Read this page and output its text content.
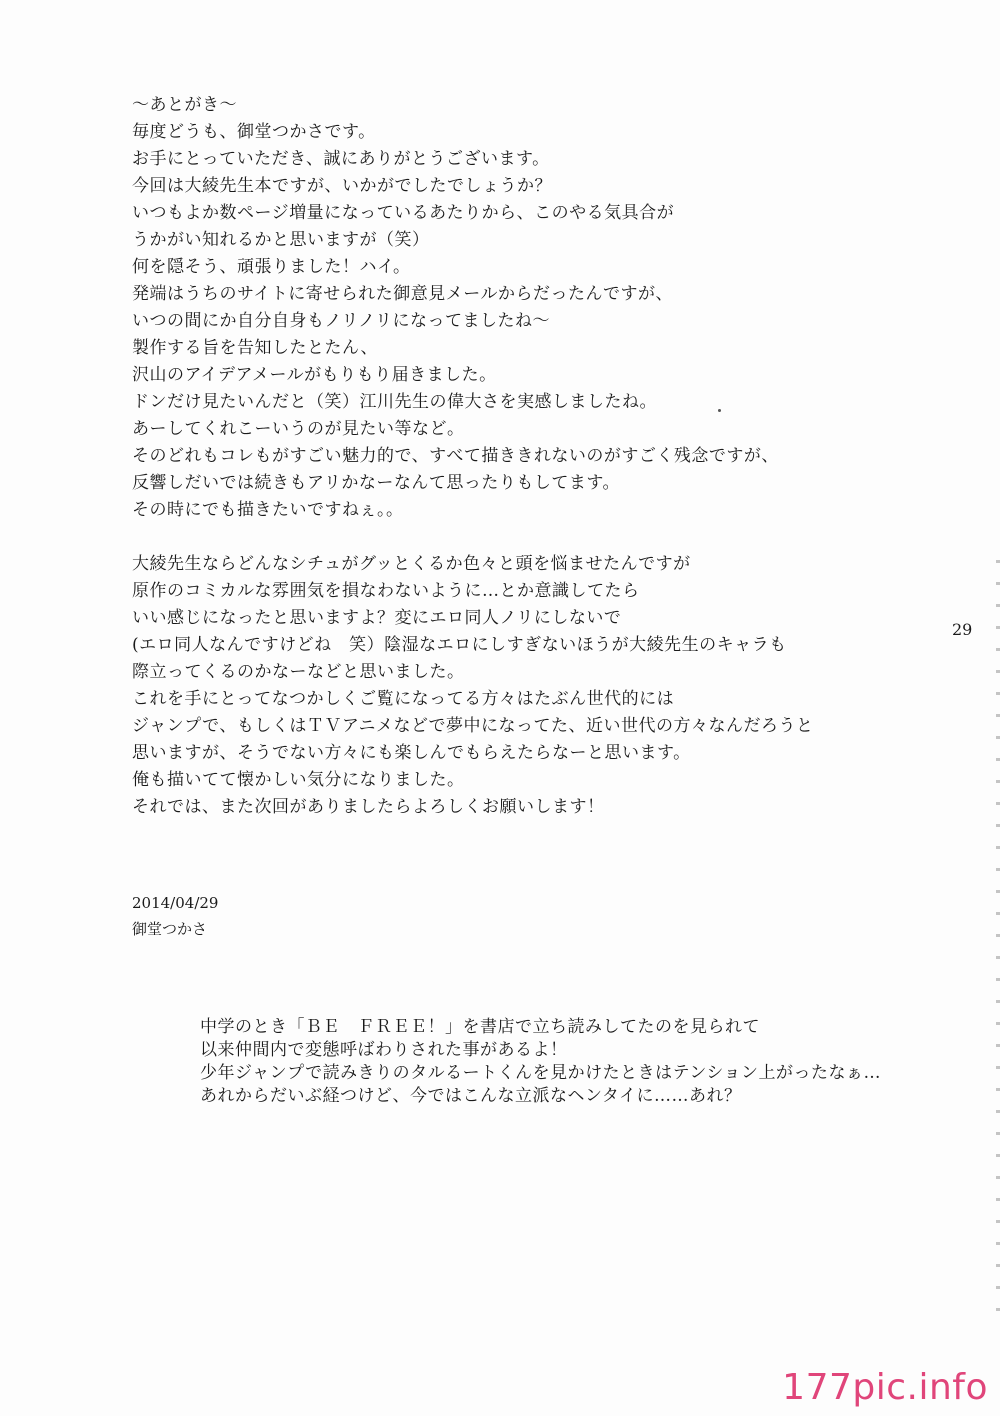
〜あとがき〜
毎度どうも、御堂つかさです。
お手にとっていただき、誠にありがとうございます。
今回は大綾先生本ですが、いかがでしたでしょうか？
いつもよか数ページ増量になっているあたりから、このやる気具合が
うかがい知れるかと思いますが（笑）
何を隠そう、頑張りました！ハイ。
発端はうちのサイトに寄せられた御意見メールからだったんですが、
いつの間にか自分自身もノリノリになってましたね〜
製作する旨を告知したとたん、
沢山のアイデアメールがもりもり届きました。
ドンだけ見たいんだと（笑）江川先生の偉大さを実感しましたね。
あーしてくれこーいうのが見たい等など。
そのどれもコレもがすごい魅力的で、すべて描ききれないのがすごく残念ですが、
反響しだいでは続きもアリかなーなんて思ったりもしてます。
その時にでも描きたいですねぇ。。
大綾先生ならどんなシチュがグッとくるか色々と頭を悩ませたんですが
原作のコミカルな雰囲気を損なわないように…とか意識してたら
いい感じになったと思いますよ？変にエロ同人ノリにしないで
(エロ同人なんですけどね　笑）陰湿なエロにしすぎないほうが大綾先生のキャラも
際立ってくるのかなーなどと思いました。
これを手にとってなつかしくご覧になってる方々はたぶん世代的には
ジャンプで、もしくはＴＶアニメなどで夢中になってた、近い世代の方々なんだろうと
思いますが、そうでない方々にも楽しんでもらえたらなーと思います。
俺も描いてて懐かしい気分になりました。
それでは、また次回がありましたらよろしくお願いします！
2014/04/29
御堂つかさ
中学のとき「ＢＥ　ＦＲＥＥ！」を書店で立ち読みしてたのを見られて
以来仲間内で変態呼ばわりされた事があるよ！
少年ジャンプで読みきりのタルるートくんを見かけたときはテンション上がったなぁ…
あれからだいぶ経つけど、今ではこんな立派なヘンタイに……あれ？
29
177pic.info
